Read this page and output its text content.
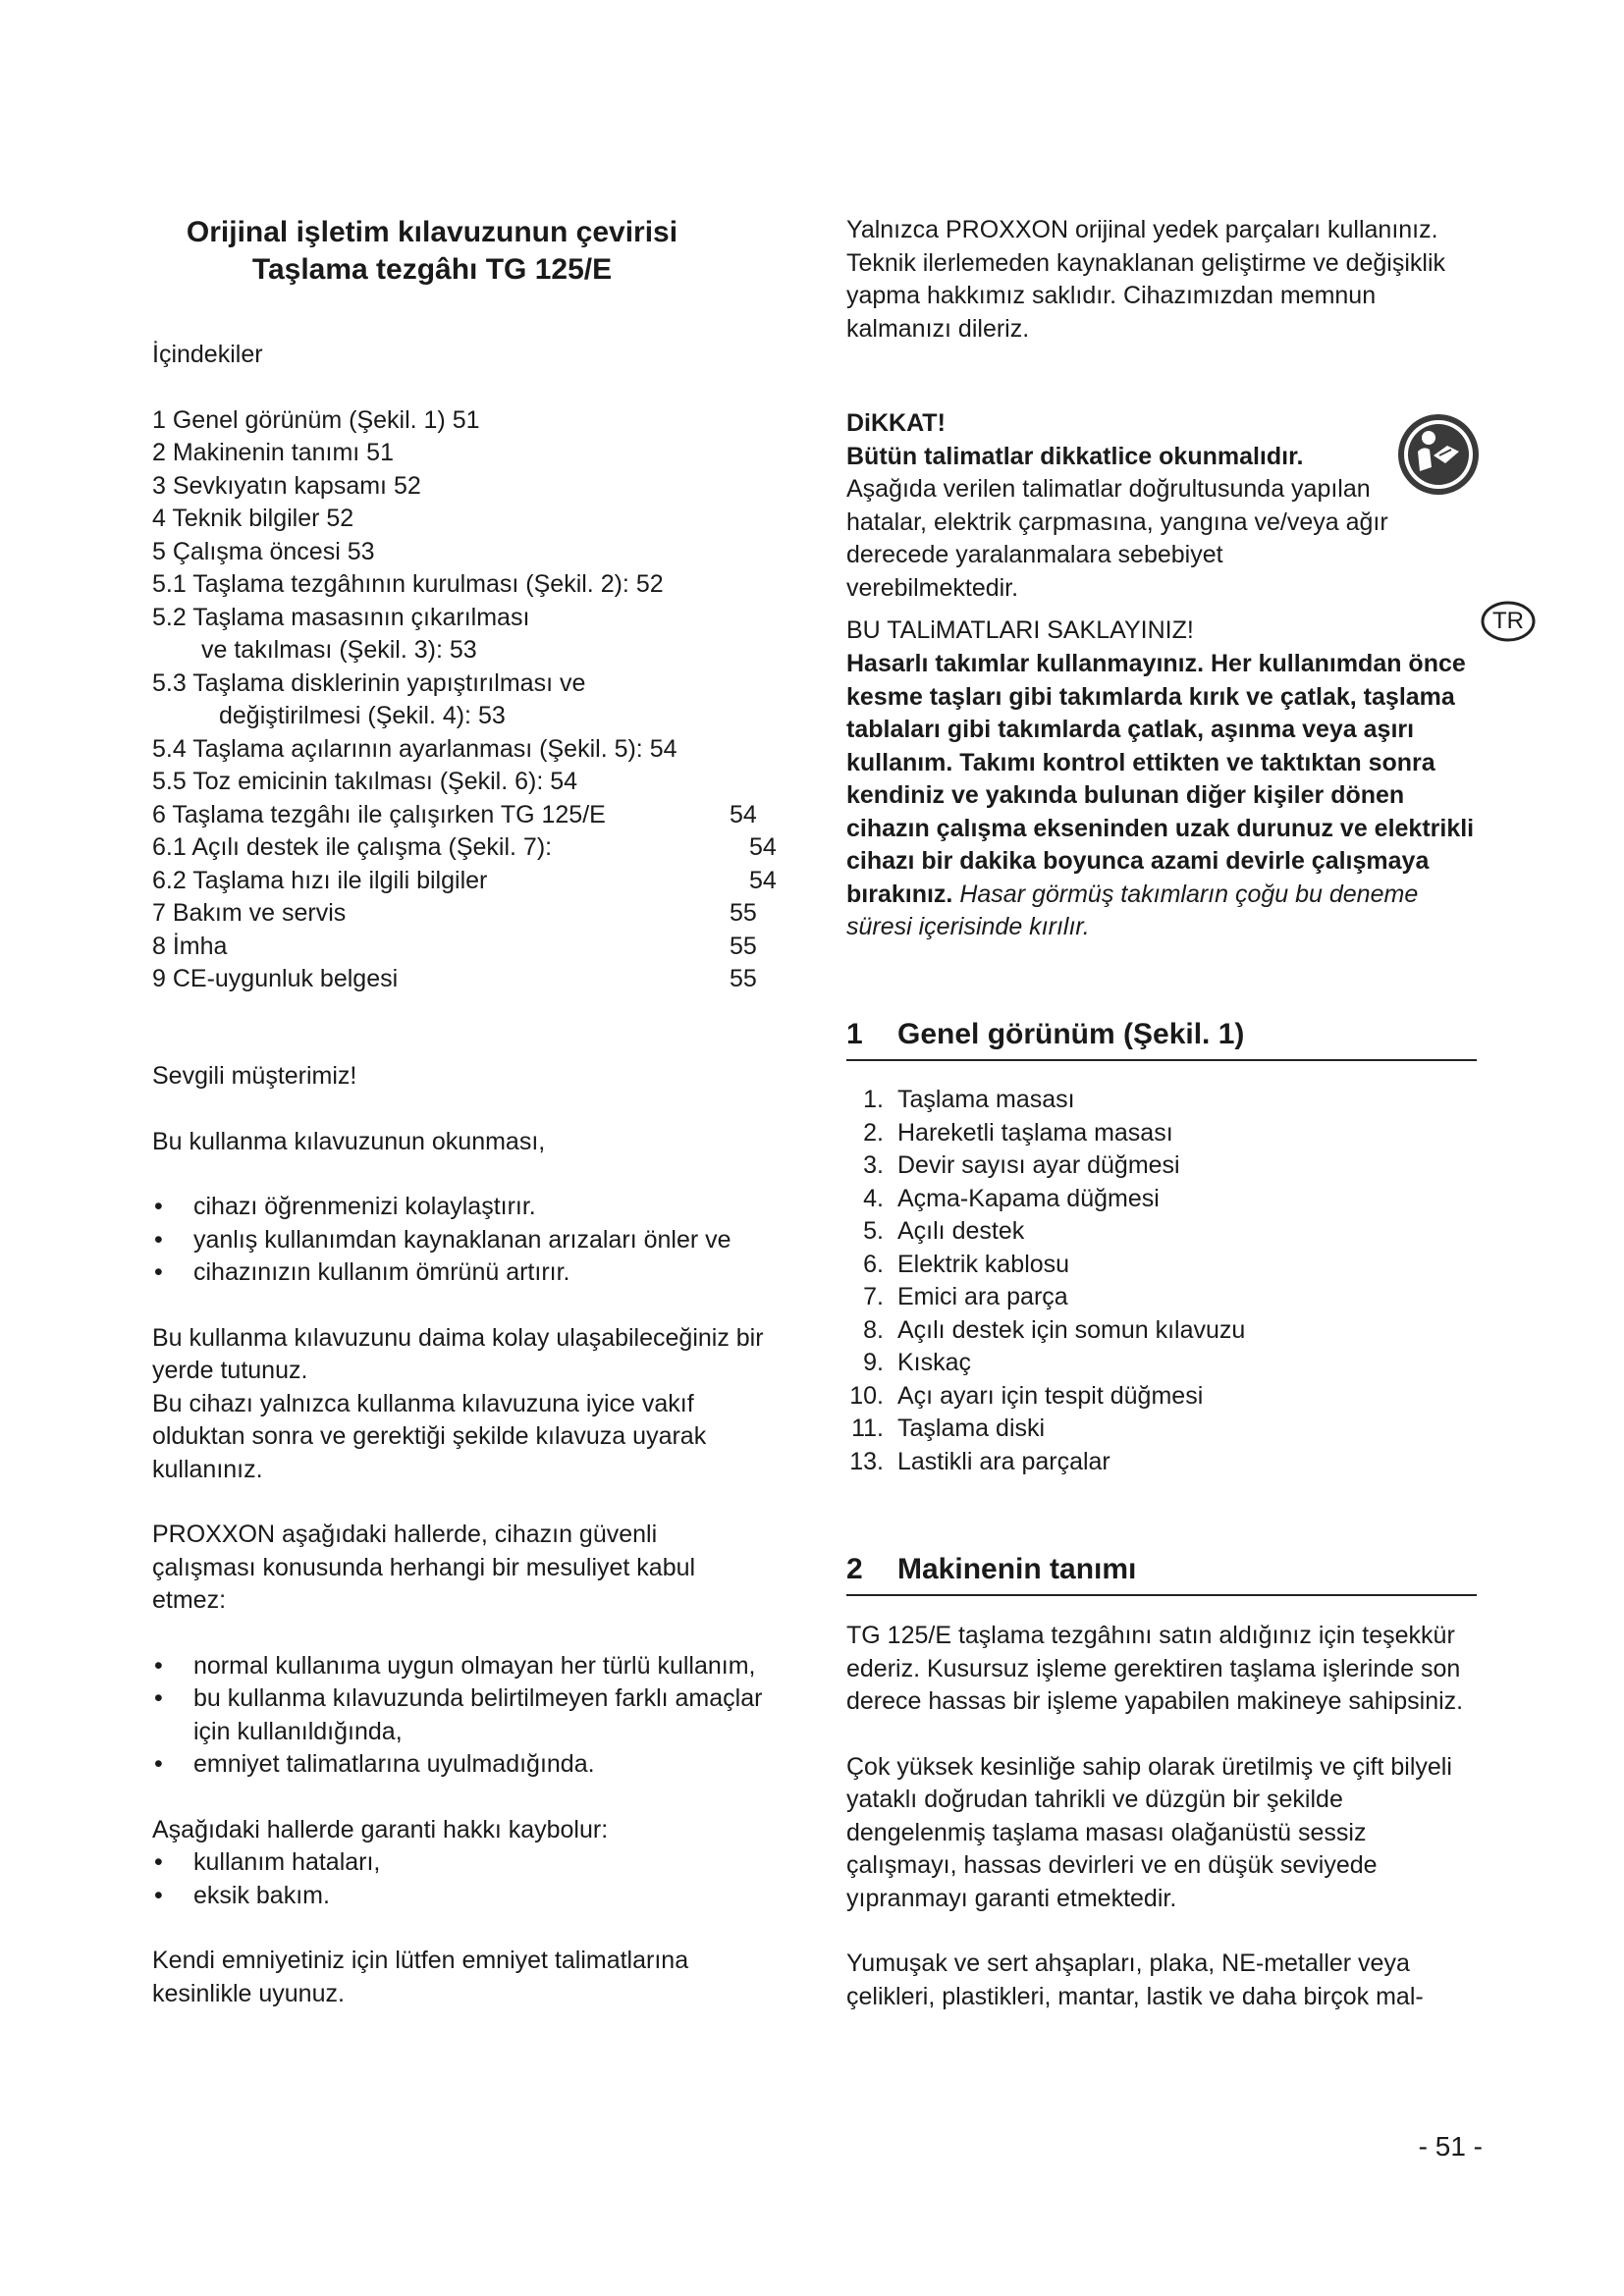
Orijinal işletim kılavuzunun çevirisi
Taşlama tezgâhı TG 125/E

İçindekiler

1 Genel görünüm (Şekil. 1) 51
2 Makinenin tanımı 51
3 Sevkıyatın kapsamı 52
4 Teknik bilgiler 52
5 Çalışma öncesi 53
5.1 Taşlama tezgâhının kurulması (Şekil. 2): 52
5.2 Taşlama masasının çıkarılması
ve takılması (Şekil. 3): 53
5.3 Taşlama disklerinin yapıştırılması ve
değiştirilmesi (Şekil. 4): 53
5.4 Taşlama açılarının ayarlanması (Şekil. 5): 54
5.5 Toz emicinin takılması (Şekil. 6): 54
6 Taşlama tezgâhı ile çalışırken TG 125/E	54
6.1 Açılı destek ile çalışma (Şekil. 7):	54
6.2 Taşlama hızı ile ilgili bilgiler	54
7 Bakım ve servis	55
8 İmha	55
9 CE-uygunluk belgesi	55

Sevgili müşterimiz!

Bu kullanma kılavuzunun okunması,

• cihazı öğrenmenizi kolaylaştırır.
• yanlış kullanımdan kaynaklanan arızaları önler ve
• cihazınızın kullanım ömrünü artırır.

Bu kullanma kılavuzunu daima kolay ulaşabileceğiniz bir yerde tutunuz.

Bu cihazı yalnızca kullanma kılavuzuna iyice vakıf olduktan sonra ve gerektiği şekilde kılavuza uyarak kullanınız.

PROXXON aşağıdaki hallerde, cihazın güvenli çalışması konusunda herhangi bir mesuliyet kabul etmez:

• normal kullanıma uygun olmayan her türlü kullanım,
• bu kullanma kılavuzunda belirtilmeyen farklı amaçlar için kullanıldığında,
• emniyet talimatlarına uyulmadığında.

Aşağıdaki hallerde garanti hakkı kaybolur:

• kullanım hataları,
• eksik bakım.

Kendi emniyetiniz için lütfen emniyet talimatlarına kesinlikle uyunuz.

Yalnızca PROXXON orijinal yedek parçaları kullanınız.

Teknik ilerlemeden kaynaklanan geliştirme ve değişiklik yapma hakkımız saklıdır. Cihazımızdan memnun kalmanızı dileriz.

DiKKAT!

Bütün talimatlar dikkatlice okunmalıdır. Aşağıda verilen talimatlar doğrultusunda yapılan hatalar, elektrik çarpmasına, yangına ve/veya ağır derecede yaralanmalara sebebiyet verebilmektedir.

BU TALiMATLARI SAKLAYINIZ!	TR

Hasarlı takımlar kullanmayınız. Her kullanımdan önce kesme taşları gibi takımlarda kırık ve çatlak, taşlama tablaları gibi takımlarda çatlak, aşınma veya aşırı kullanım. Takımı kontrol ettikten ve taktıktan sonra kendiniz ve yakında bulunan diğer kişiler dönen cihazın çalışma ekseninden uzak durunuz ve elektrikli cihazı bir dakika boyunca azami devirle çalışmaya bırakınız. Hasar görmüş takımların çoğu bu deneme süresi içerisinde kırılır.

1 Genel görünüm (Şekil. 1)
1. Taşlama masası
2. Hareketli taşlama masası
3. Devir sayısı ayar düğmesi
4. Açma-Kapama düğmesi
5. Açılı destek
6. Elektrik kablosu
7. Emici ara parça
8. Açılı destek için somun kılavuzu
9. Kıskaç
10. Açı ayarı için tespit düğmesi
11. Taşlama diski
13. Lastikli ara parçalar
2 Makinenin tanımı

TG 125/E taşlama tezgâhını satın aldığınız için teşekkür ederiz. Kusursuz işleme gerektiren taşlama işlerinde son derece hassas bir işleme yapabilen makineye sahipsiniz.

Çok yüksek kesinliğe sahip olarak üretilmiş ve çift bilyeli yataklı doğrudan tahrikli ve düzgün bir şekilde dengelenmiş taşlama masası olağanüstü sessiz çalışmayı, hassas devirleri ve en düşük seviyede yıpranmayı garanti etmektedir.

Yumuşak ve sert ahşapları, plaka, NE-metaller veya çelikleri, plastikleri, mantar, lastik ve daha birçok mal-

- 51 -
